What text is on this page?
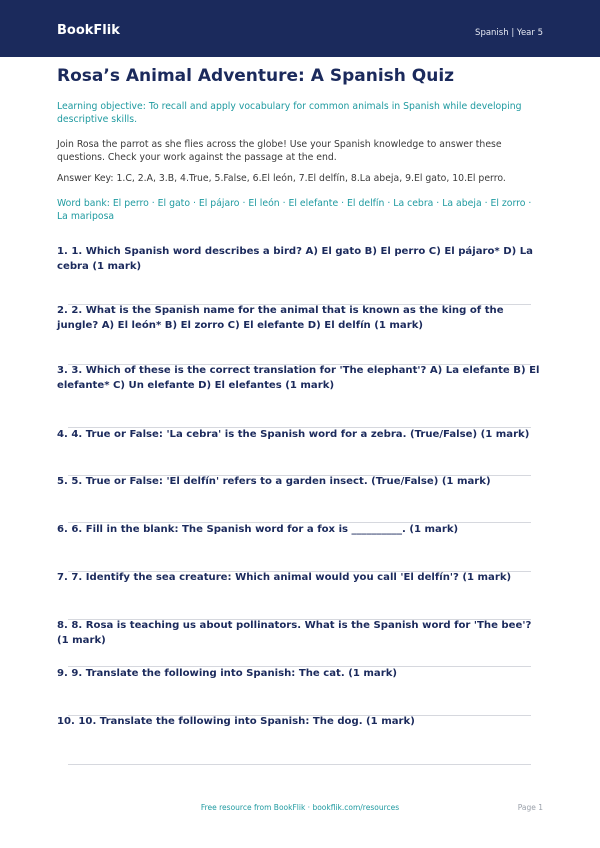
BookFlik	Spanish | Year 5
Rosa’s Animal Adventure: A Spanish Quiz

Learning objective: To recall and apply vocabulary for common animals in Spanish while developing descriptive skills.

Join Rosa the parrot as she flies across the globe! Use your Spanish knowledge to answer these questions. Check your work against the passage at the end.

Answer Key: 1.C, 2.A, 3.B, 4.True, 5.False, 6.El león, 7.El delfín, 8.La abeja, 9.El gato, 10.El perro.

Word bank: El perro · El gato · El pájaro · El león · El elefante · El delfín · La cebra · La abeja · El zorro · La mariposa

1. 1. Which Spanish word describes a bird? A) El gato B) El perro C) El pájaro* D) La cebra (1 mark)
2. 2. What is the Spanish name for the animal that is known as the king of the jungle? A) El león* B) El zorro C) El elefante D) El delfín (1 mark)
3. 3. Which of these is the correct translation for 'The elephant'? A) La elefante B) El elefante* C) Un elefante D) El elefantes (1 mark)
4. 4. True or False: 'La cebra' is the Spanish word for a zebra. (True/False) (1 mark)
5. 5. True or False: 'El delfín' refers to a garden insect. (True/False) (1 mark)
6. 6. Fill in the blank: The Spanish word for a fox is __________. (1 mark)
7. 7. Identify the sea creature: Which animal would you call 'El delfín'? (1 mark)
8. 8. Rosa is teaching us about pollinators. What is the Spanish word for 'The bee'? (1 mark)
9. 9. Translate the following into Spanish: The cat. (1 mark)
10. 10. Translate the following into Spanish: The dog. (1 mark)
Free resource from BookFlik · bookflik.com/resources	Page 1
